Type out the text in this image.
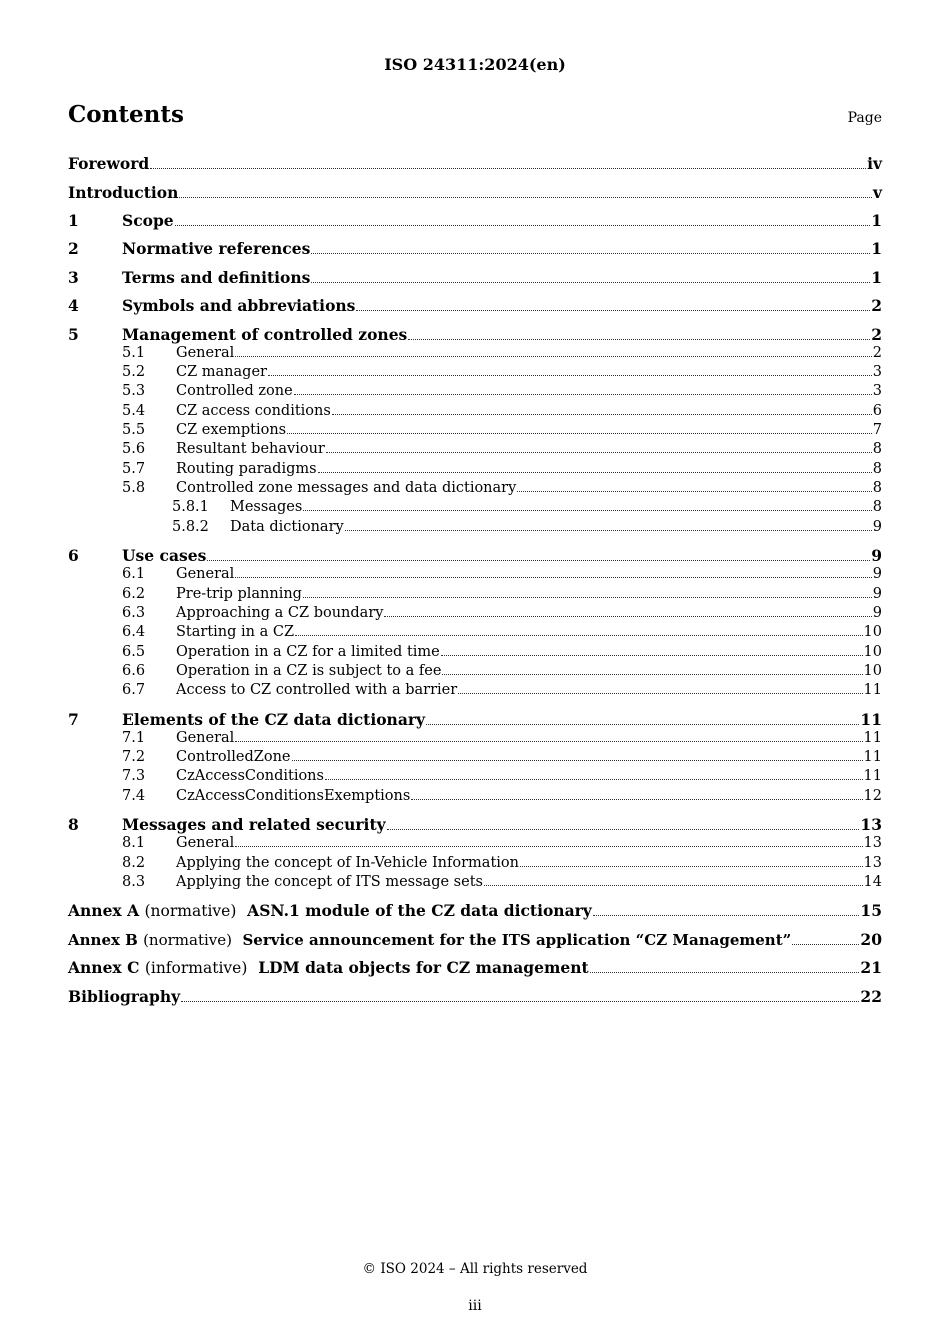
ISO 24311:2024(en)
Contents	Page
Foreword	iv
Introduction	v
1	Scope	1
2	Normative references	1
3	Terms and definitions	1
4	Symbols and abbreviations	2
5	Management of controlled zones	2
5.1	General	2
5.2	CZ manager	3
5.3	Controlled zone	3
5.4	CZ access conditions	6
5.5	CZ exemptions	7
5.6	Resultant behaviour	8
5.7	Routing paradigms	8
5.8	Controlled zone messages and data dictionary	8
5.8.1	Messages	8
5.8.2	Data dictionary	9
6	Use cases	9
6.1	General	9
6.2	Pre-trip planning	9
6.3	Approaching a CZ boundary	9
6.4	Starting in a CZ	10
6.5	Operation in a CZ for a limited time	10
6.6	Operation in a CZ is subject to a fee	10
6.7	Access to CZ controlled with a barrier	11
7	Elements of the CZ data dictionary	11
7.1	General	11
7.2	ControlledZone	11
7.3	CzAccessConditions	11
7.4	CzAccessConditionsExemptions	12
8	Messages and related security	13
8.1	General	13
8.2	Applying the concept of In-Vehicle Information	13
8.3	Applying the concept of ITS message sets	14
Annex A (normative) ASN.1 module of the CZ data dictionary	15
Annex B (normative) Service announcement for the ITS application “CZ Management”	20
Annex C (informative) LDM data objects for CZ management	21
Bibliography	22
© ISO 2024 – All rights reserved
iii
